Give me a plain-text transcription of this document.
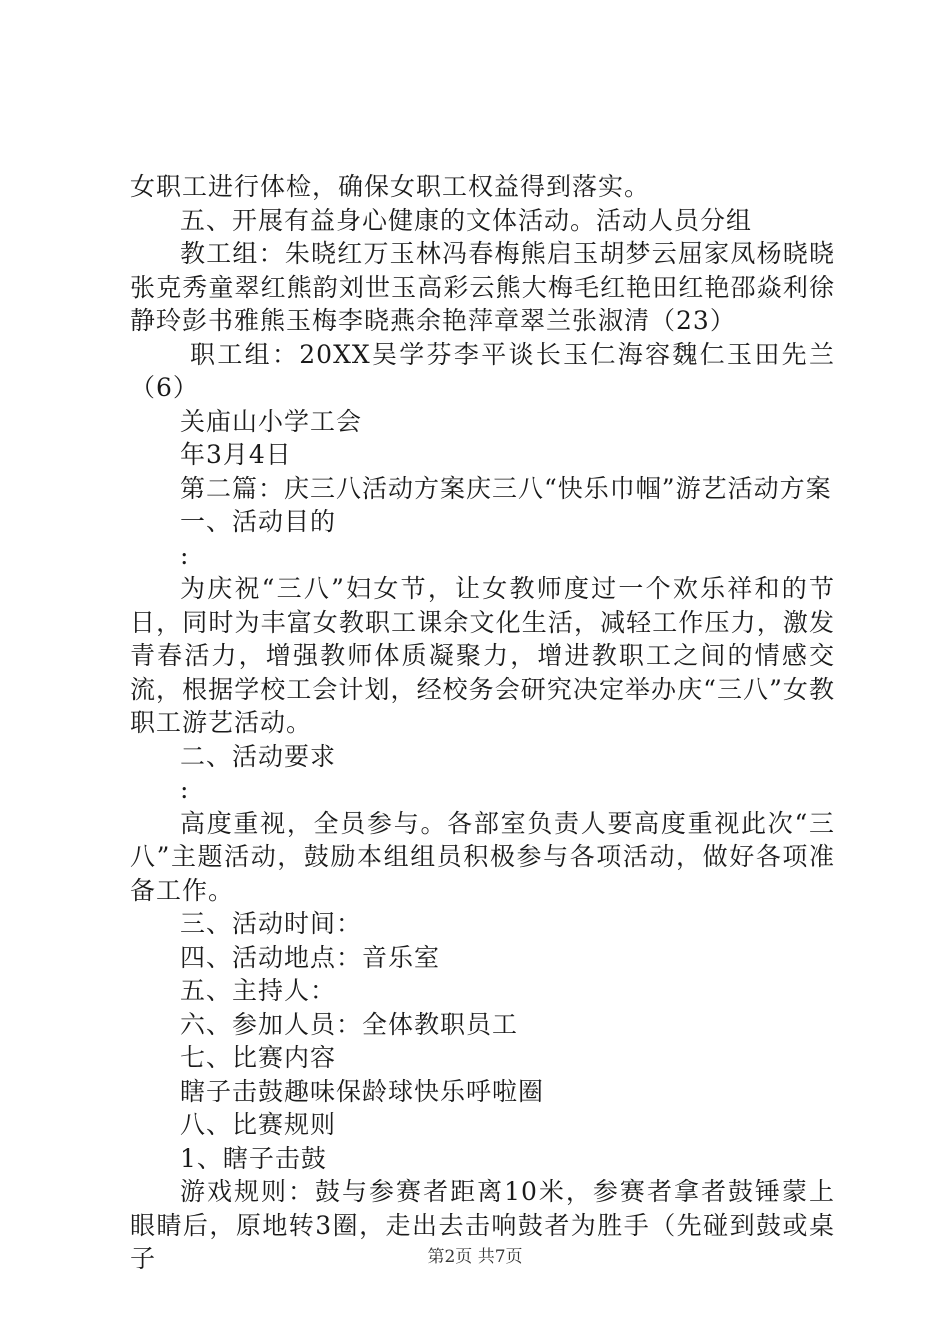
女职工进行体检，确保女职工权益得到落实。

五、开展有益身心健康的文体活动。活动人员分组

教工组：朱晓红万玉林冯春梅熊启玉胡梦云屈家凤杨晓晓张克秀童翠红熊韵刘世玉高彩云熊大梅毛红艳田红艳邵焱利徐静玲彭书雅熊玉梅李晓燕余艳萍章翠兰张淑清（23）

职工组：20XX吴学芬李平谈长玉仁海容魏仁玉田先兰（6）

关庙山小学工会

年3月4日

第二篇：庆三八活动方案庆三八“快乐巾帼”游艺活动方案

一、活动目的

:

为庆祝“三八”妇女节，让女教师度过一个欢乐祥和的节日，同时为丰富女教职工课余文化生活，减轻工作压力，激发青春活力，增强教师体质凝聚力，增进教职工之间的情感交流，根据学校工会计划，经校务会研究决定举办庆“三八”女教职工游艺活动。

二、活动要求

:

高度重视，全员参与。各部室负责人要高度重视此次“三八”主题活动，鼓励本组组员积极参与各项活动，做好各项准备工作。

三、活动时间：

四、活动地点：音乐室

五、主持人：

六、参加人员：全体教职员工

七、比赛内容

瞎子击鼓趣味保龄球快乐呼啦圈

八、比赛规则

1、瞎子击鼓

游戏规则：鼓与参赛者距离10米，参赛者拿者鼓锤蒙上眼睛后，原地转3圈，走出去击响鼓者为胜手（先碰到鼓或桌子	第2页 共7页
